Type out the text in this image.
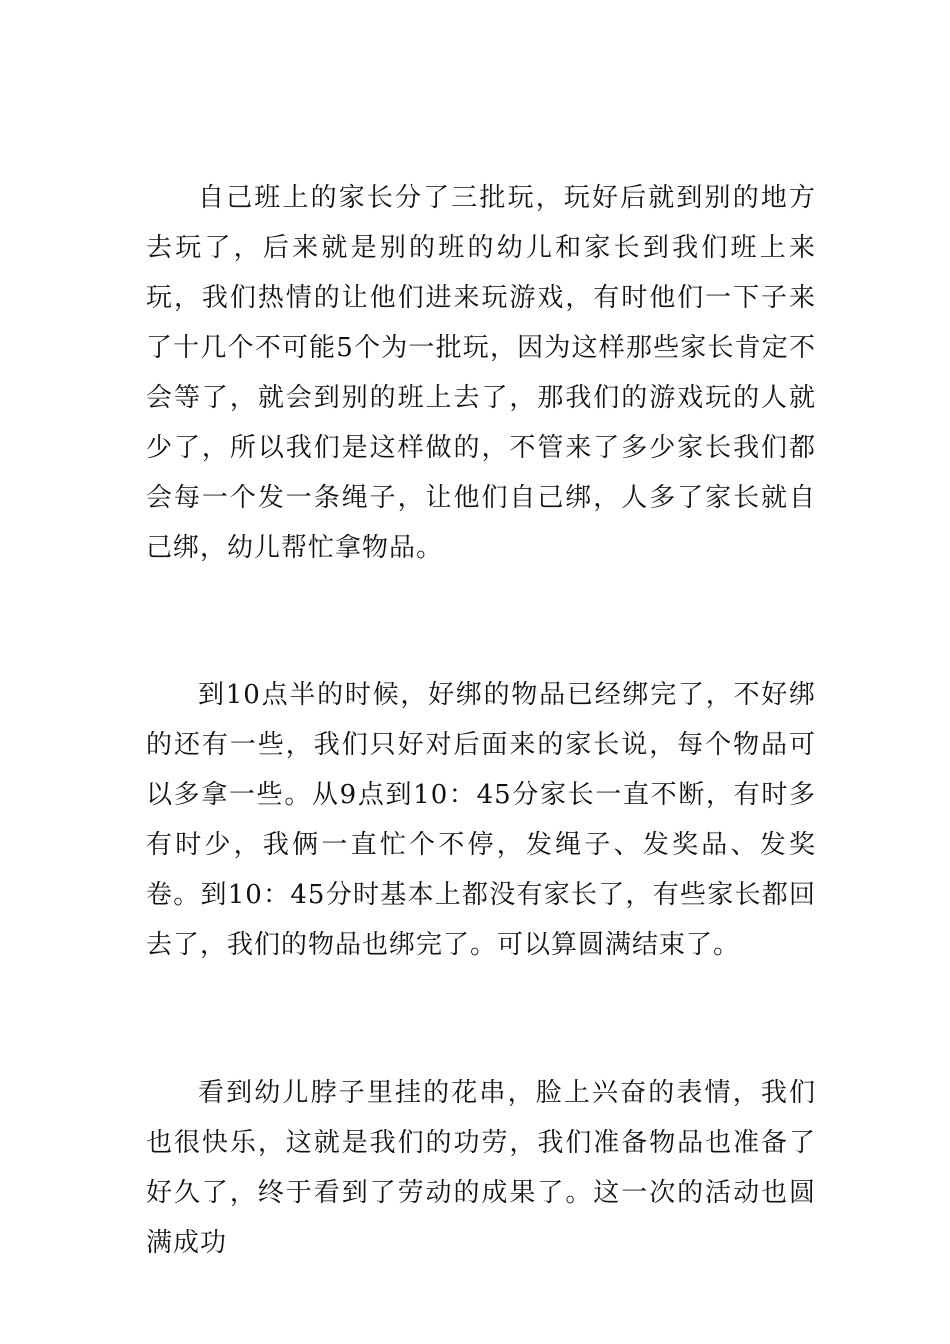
自己班上的家长分了三批玩，玩好后就到别的地方去玩了，后来就是别的班的幼儿和家长到我们班上来玩，我们热情的让他们进来玩游戏，有时他们一下子来了十几个不可能5个为一批玩，因为这样那些家长肯定不会等了，就会到别的班上去了，那我们的游戏玩的人就少了，所以我们是这样做的，不管来了多少家长我们都会每一个发一条绳子，让他们自己绑，人多了家长就自己绑，幼儿帮忙拿物品。

到10点半的时候，好绑的物品已经绑完了，不好绑的还有一些，我们只好对后面来的家长说，每个物品可以多拿一些。从9点到10：45分家长一直不断，有时多有时少，我俩一直忙个不停，发绳子、发奖品、发奖卷。到10：45分时基本上都没有家长了，有些家长都回去了，我们的物品也绑完了。可以算圆满结束了。

看到幼儿脖子里挂的花串，脸上兴奋的表情，我们也很快乐，这就是我们的功劳，我们准备物品也准备了好久了，终于看到了劳动的成果了。这一次的活动也圆满成功
